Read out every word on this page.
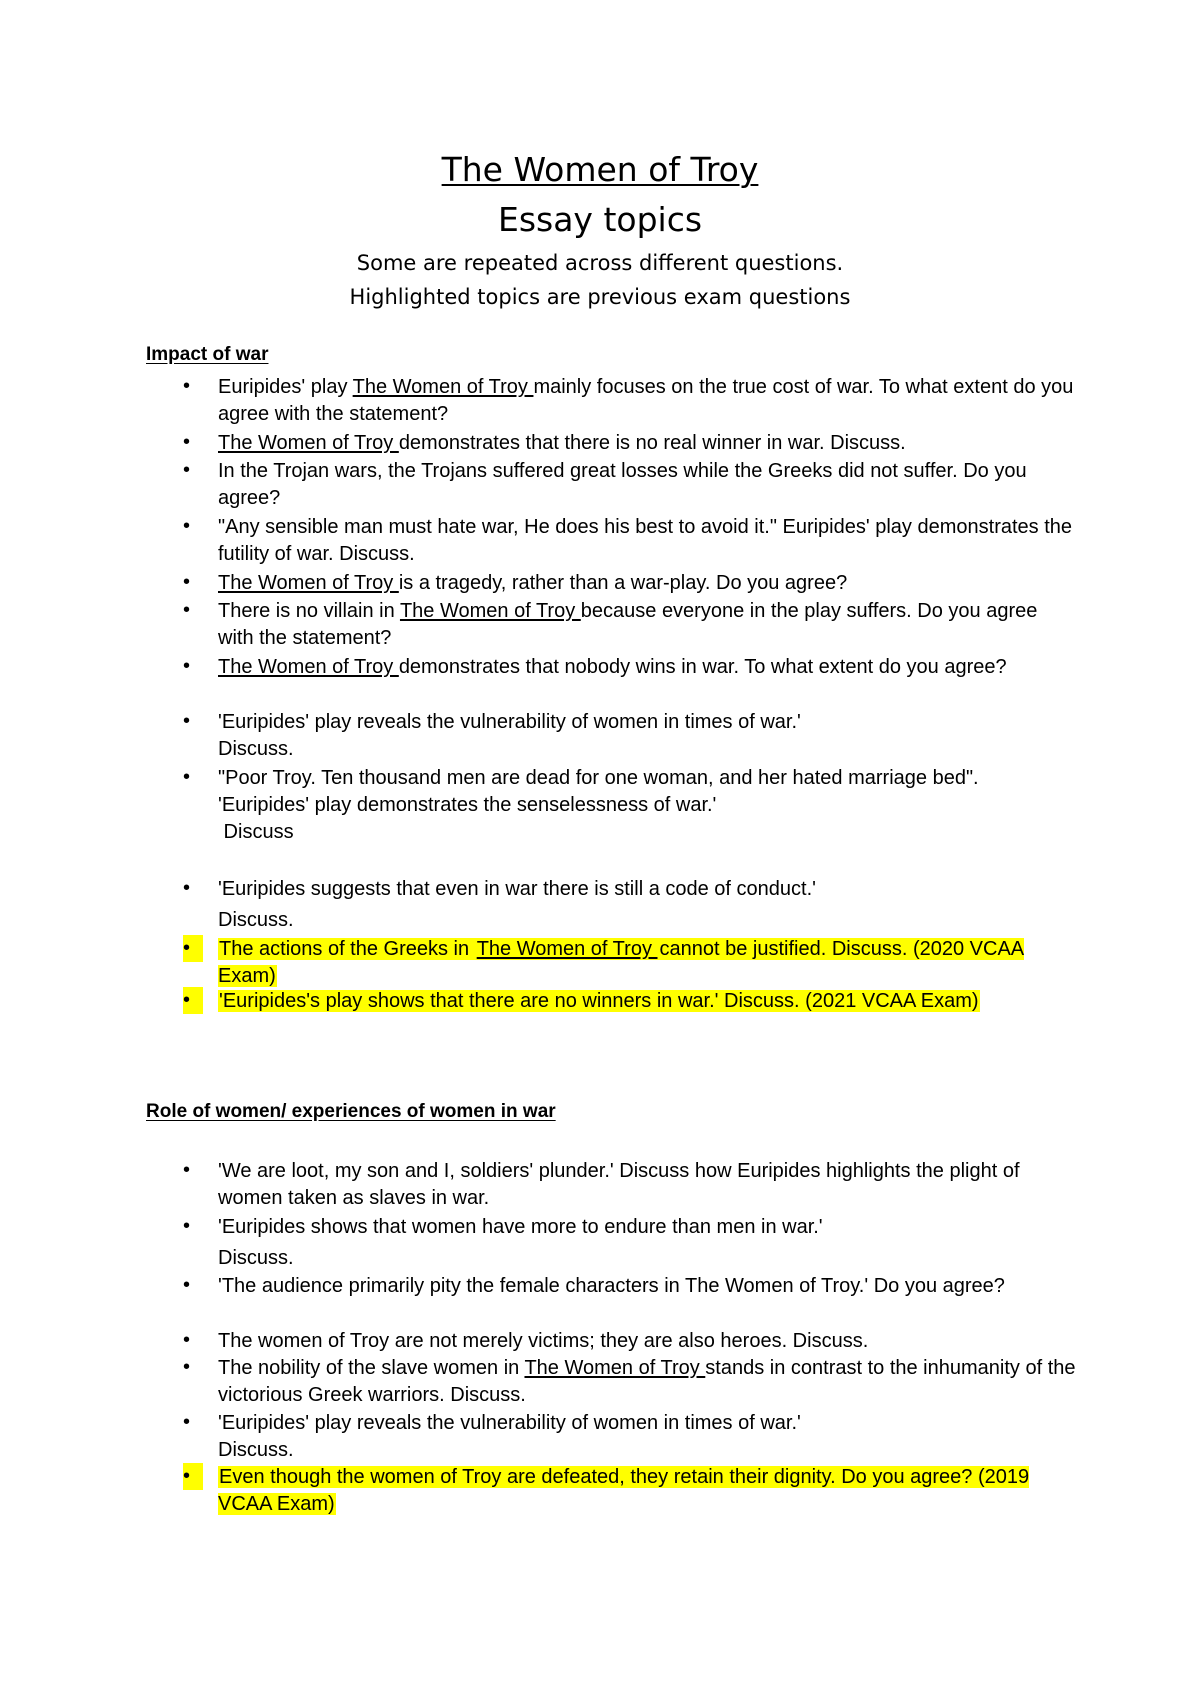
The Women of Troy
Essay topics
Some are repeated across different questions.
Highlighted topics are previous exam questions
Impact of war
•	Euripides' play The Women of Troy mainly focuses on the true cost of war. To what extent do you agree with the statement?
•	The Women of Troy demonstrates that there is no real winner in war. Discuss.
•	In the Trojan wars, the Trojans suffered great losses while the Greeks did not suffer. Do you agree?
•	"Any sensible man must hate war, He does his best to avoid it." Euripides' play demonstrates the futility of war. Discuss.
•	The Women of Troy is a tragedy, rather than a war-play. Do you agree?
•	There is no villain in The Women of Troy because everyone in the play suffers. Do you agree with the statement?
•	The Women of Troy demonstrates that nobody wins in war. To what extent do you agree?
•	'Euripides' play reveals the vulnerability of women in times of war.'
Discuss.
•	"Poor Troy. Ten thousand men are dead for one woman, and her hated marriage bed".
'Euripides' play demonstrates the senselessness of war.'
Discuss
•	'Euripides suggests that even in war there is still a code of conduct.'
Discuss.
•	The actions of the Greeks in The Women of Troy cannot be justified. Discuss. (2020 VCAA Exam)
•	'Euripides's play shows that there are no winners in war.' Discuss. (2021 VCAA Exam)
Role of women/ experiences of women in war
•	'We are loot, my son and I, soldiers' plunder.' Discuss how Euripides highlights the plight of women taken as slaves in war.
•	'Euripides shows that women have more to endure than men in war.'
Discuss.
•	'The audience primarily pity the female characters in The Women of Troy.' Do you agree?
•	The women of Troy are not merely victims; they are also heroes. Discuss.
•	The nobility of the slave women in The Women of Troy stands in contrast to the inhumanity of the victorious Greek warriors. Discuss.
•	'Euripides' play reveals the vulnerability of women in times of war.'
Discuss.
•	Even though the women of Troy are defeated, they retain their dignity. Do you agree? (2019 VCAA Exam)
